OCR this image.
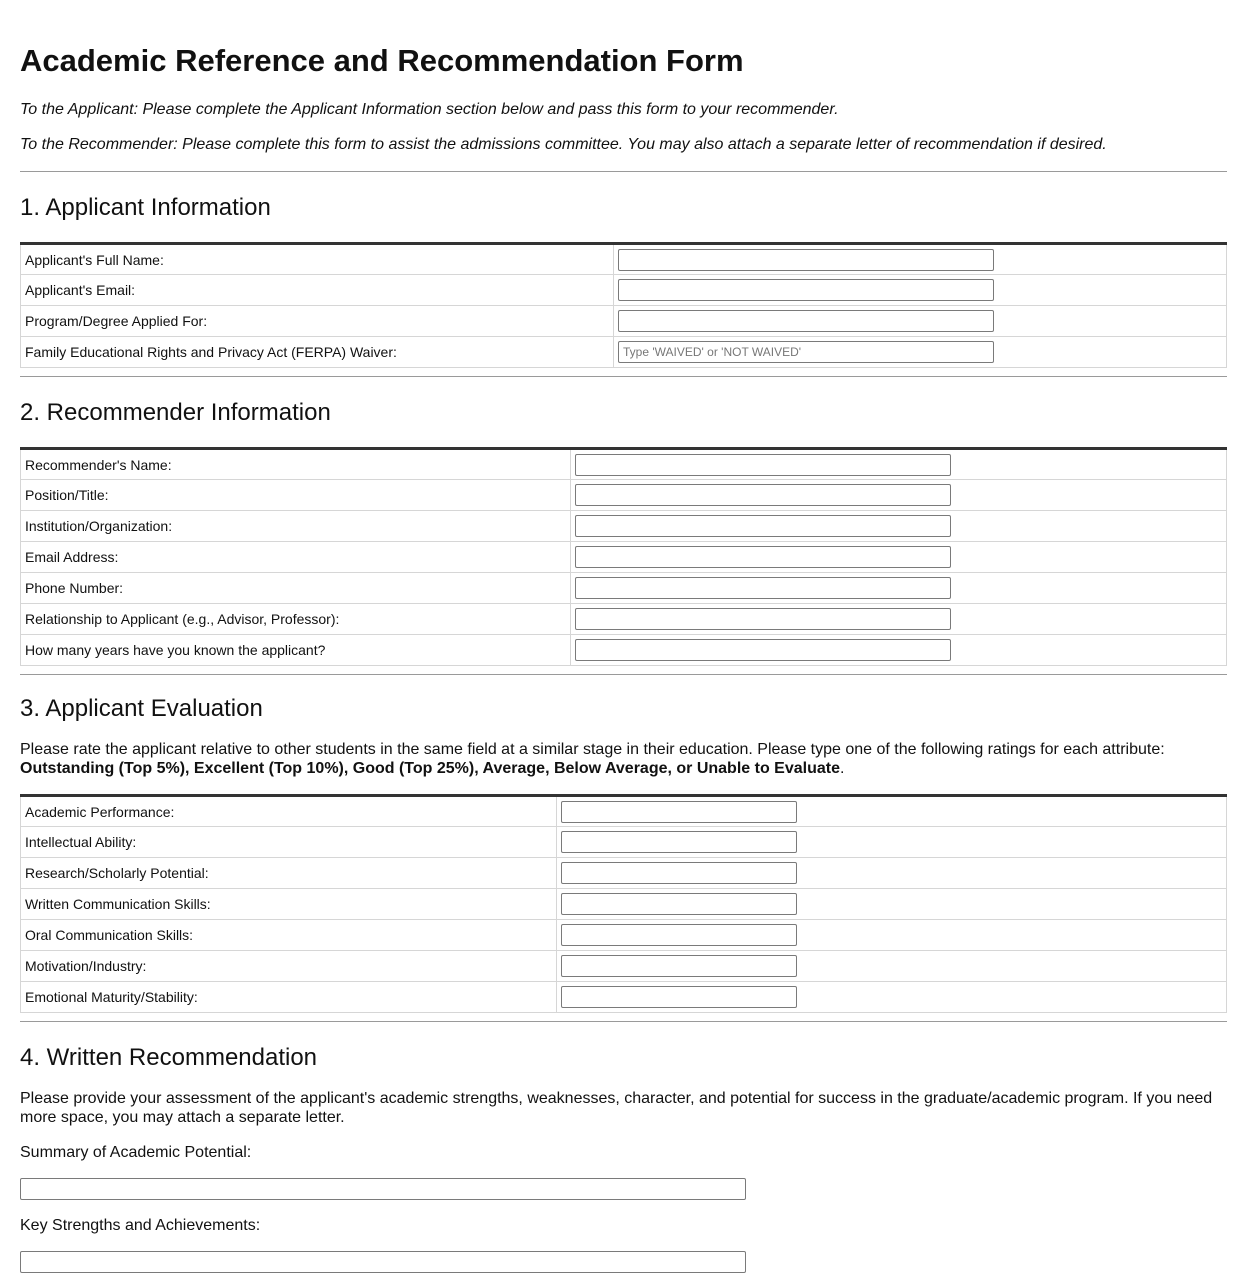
Academic Reference and Recommendation Form

To the Applicant: Please complete the Applicant Information section below and pass this form to your recommender.

To the Recommender: Please complete this form to assist the admissions committee. You may also attach a separate letter of recommendation if desired.

1. Applicant Information
Applicant's Full Name:	

Applicant's Email:	

Program/Degree Applied For:	

Family Educational Rights and Privacy Act (FERPA) Waiver:	
Type 'WAIVED' or 'NOT WAIVED'
2. Recommender Information
Recommender's Name:	

Position/Title:	

Institution/Organization:	

Email Address:	

Phone Number:	

Relationship to Applicant (e.g., Advisor, Professor):	

How many years have you known the applicant?	
3. Applicant Evaluation

Please rate the applicant relative to other students in the same field at a similar stage in their education. Please type one of the following ratings for each attribute:
Outstanding (Top 5%), Excellent (Top 10%), Good (Top 25%), Average, Below Average, or Unable to Evaluate.

Academic Performance:	

Intellectual Ability:	

Research/Scholarly Potential:	

Written Communication Skills:	

Oral Communication Skills:	

Motivation/Industry:	

Emotional Maturity/Stability:	
4. Written Recommendation

Please provide your assessment of the applicant's academic strengths, weaknesses, character, and potential for success in the graduate/academic program. If you need more space, you may attach a separate letter.

Summary of Academic Potential:

Key Strengths and Achievements:
